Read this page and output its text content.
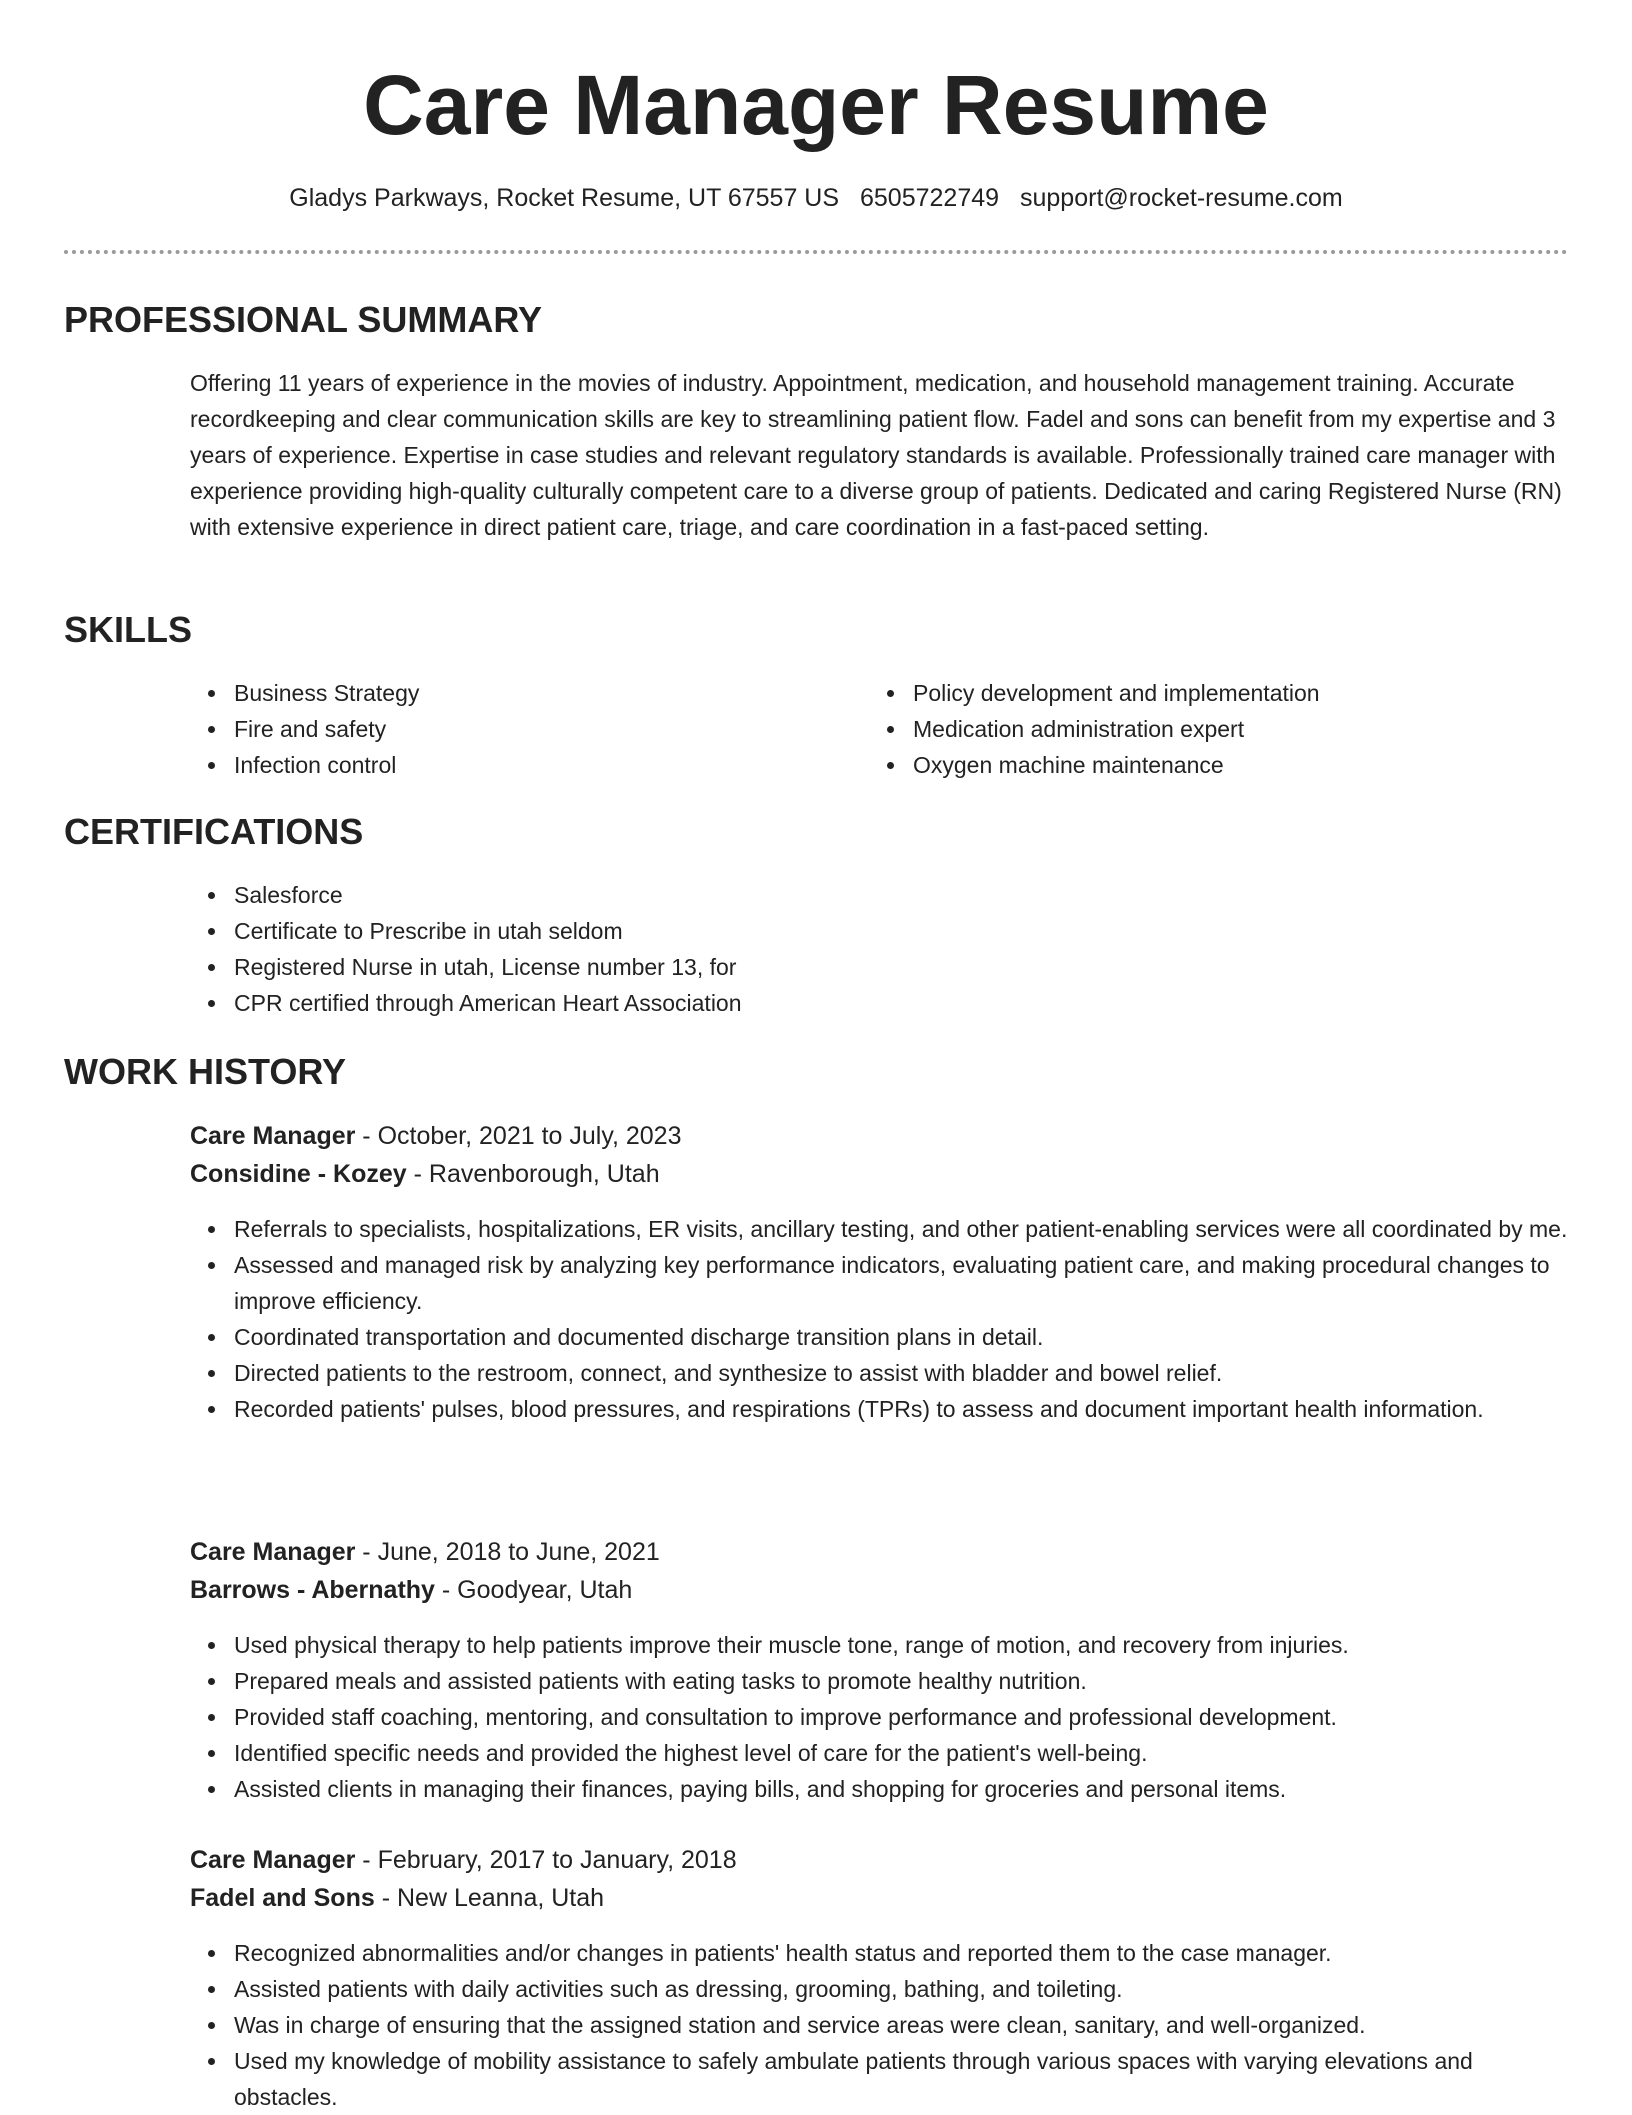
Care Manager Resume
Gladys Parkways, Rocket Resume, UT 67557 US 6505722749 support@rocket-resume.com
PROFESSIONAL SUMMARY

Offering 11 years of experience in the movies of industry. Appointment, medication, and household management training. Accurate recordkeeping and clear communication skills are key to streamlining patient flow. Fadel and sons can benefit from my expertise and 3 years of experience. Expertise in case studies and relevant regulatory standards is available. Professionally trained care manager with experience providing high-quality culturally competent care to a diverse group of patients. Dedicated and caring Registered Nurse (RN) with extensive experience in direct patient care, triage, and care coordination in a fast-paced setting.

SKILLS
Business Strategy
Fire and safety
Infection control
Policy development and implementation
Medication administration expert
Oxygen machine maintenance
CERTIFICATIONS
Salesforce
Certificate to Prescribe in utah seldom
Registered Nurse in utah, License number 13, for
CPR certified through American Heart Association
WORK HISTORY
Care Manager - October, 2021 to July, 2023
Considine - Kozey - Ravenborough, Utah
Referrals to specialists, hospitalizations, ER visits, ancillary testing, and other patient-enabling services were all coordinated by me.
Assessed and managed risk by analyzing key performance indicators, evaluating patient care, and making procedural changes to improve efficiency.
Coordinated transportation and documented discharge transition plans in detail.
Directed patients to the restroom, connect, and synthesize to assist with bladder and bowel relief.
Recorded patients' pulses, blood pressures, and respirations (TPRs) to assess and document important health information.
Care Manager - June, 2018 to June, 2021
Barrows - Abernathy - Goodyear, Utah
Used physical therapy to help patients improve their muscle tone, range of motion, and recovery from injuries.
Prepared meals and assisted patients with eating tasks to promote healthy nutrition.
Provided staff coaching, mentoring, and consultation to improve performance and professional development.
Identified specific needs and provided the highest level of care for the patient's well-being.
Assisted clients in managing their finances, paying bills, and shopping for groceries and personal items.
Care Manager - February, 2017 to January, 2018
Fadel and Sons - New Leanna, Utah
Recognized abnormalities and/or changes in patients' health status and reported them to the case manager.
Assisted patients with daily activities such as dressing, grooming, bathing, and toileting.
Was in charge of ensuring that the assigned station and service areas were clean, sanitary, and well-organized.
Used my knowledge of mobility assistance to safely ambulate patients through various spaces with varying elevations and obstacles.
